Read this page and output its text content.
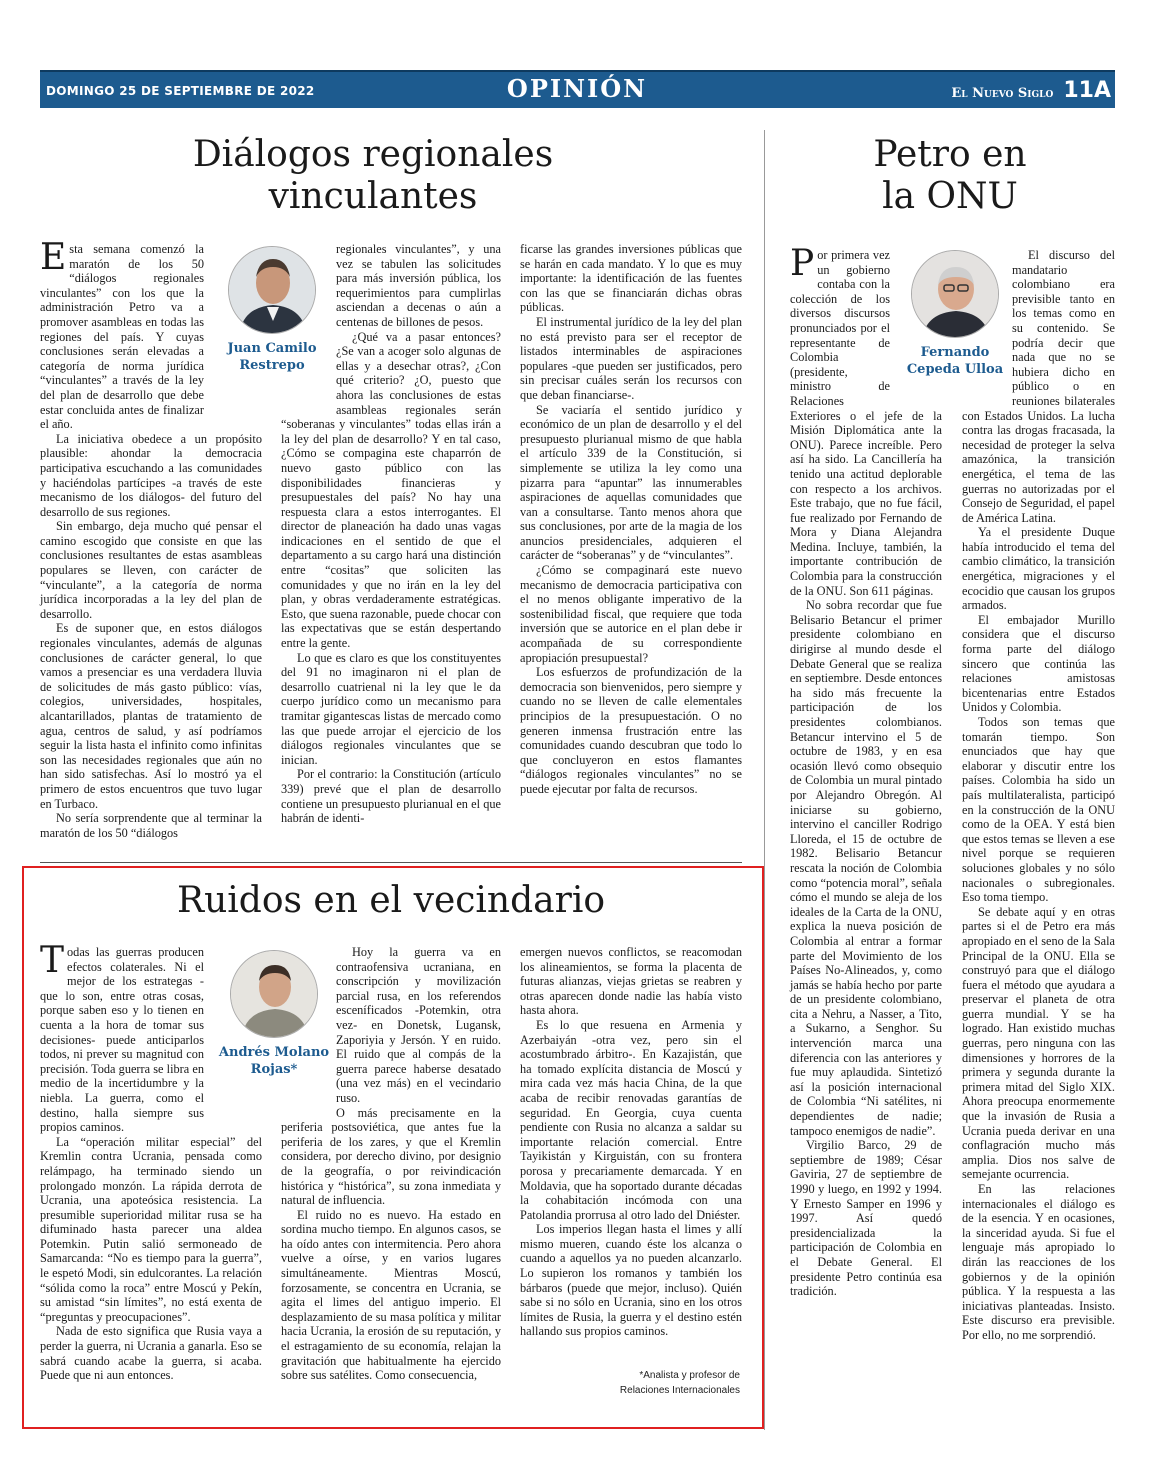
DOMINGO 25 DE SEPTIEMBRE DE 2022	OPINIÓN	El Nuevo Siglo 11A
Diálogos regionales
vinculantes
Juan Camilo
Restrepo

Esta semana comenzó la maratón de los 50 “diálogos regionales vinculantes” con los que la administración Petro va a promover asambleas en todas las regiones del país. Y cuyas conclusiones serán elevadas a categoría de norma jurídica “vinculantes” a través de la ley del plan de desarrollo que debe estar concluida antes de finalizar el año.

La iniciativa obedece a un propósito plausible: ahondar la democracia participativa escuchando a las comunidades y haciéndolas partícipes -a través de este mecanismo de los diálogos- del futuro del desarrollo de sus regiones.

Sin embargo, deja mucho qué pensar el camino escogido que consiste en que las conclusiones resultantes de estas asambleas populares se lleven, con carácter de “vinculante”, a la categoría de norma jurídica incorporadas a la ley del plan de desarrollo.

Es de suponer que, en estos diálogos regionales vinculantes, además de algunas conclusiones de carácter general, lo que vamos a presenciar es una verdadera lluvia de solicitudes de más gasto público: vías, colegios, universidades, hospitales, alcantarillados, plantas de tratamiento de agua, centros de salud, y así podríamos seguir la lista hasta el infinito como infinitas son las necesidades regionales que aún no han sido satisfechas. Así lo mostró ya el primero de estos encuentros que tuvo lugar en Turbaco.

No sería sorprendente que al terminar la maratón de los 50 “diálogos

regionales vinculantes”, y una vez se tabulen las solicitudes para más inversión pública, los requerimientos para cumplirlas asciendan a decenas o aún a centenas de billones de pesos.

¿Qué va a pasar entonces? ¿Se van a acoger solo algunas de ellas y a desechar otras?, ¿Con qué criterio? ¿O, puesto que ahora las conclusiones de estas asambleas regionales serán “soberanas y vinculantes” todas ellas irán a la ley del plan de desarrollo? Y en tal caso, ¿Cómo se compagina este chaparrón de nuevo gasto público con las disponibilidades financieras y presupuestales del país? No hay una respuesta clara a estos interrogantes. El director de planeación ha dado unas vagas indicaciones en el sentido de que el departamento a su cargo hará una distinción entre “cositas” que soliciten las comunidades y que no irán en la ley del plan, y obras verdaderamente estratégicas. Esto, que suena razonable, puede chocar con las expectativas que se están despertando entre la gente.

Lo que es claro es que los constituyentes del 91 no imaginaron ni el plan de desarrollo cuatrienal ni la ley que le da cuerpo jurídico como un mecanismo para tramitar gigantescas listas de mercado como las que puede arrojar el ejercicio de los diálogos regionales vinculantes que se inician.

Por el contrario: la Constitución (artículo 339) prevé que el plan de desarrollo contiene un presupuesto plurianual en el que habrán de identi-

ficarse las grandes inversiones públicas que se harán en cada mandato. Y lo que es muy importante: la identificación de las fuentes con las que se financiarán dichas obras públicas.

El instrumental jurídico de la ley del plan no está previsto para ser el receptor de listados interminables de aspiraciones populares -que pueden ser justificados, pero sin precisar cuáles serán los recursos con que deban financiarse-.

Se vaciaría el sentido jurídico y económico de un plan de desarrollo y el del presupuesto plurianual mismo de que habla el artículo 339 de la Constitución, si simplemente se utiliza la ley como una pizarra para “apuntar” las innumerables aspiraciones de aquellas comunidades que van a consultarse. Tanto menos ahora que sus conclusiones, por arte de la magia de los anuncios presidenciales, adquieren el carácter de “soberanas” y de “vinculantes”.

¿Cómo se compaginará este nuevo mecanismo de democracia participativa con el no menos obligante imperativo de la sostenibilidad fiscal, que requiere que toda inversión que se autorice en el plan debe ir acompañada de su correspondiente apropiación presupuestal?

Los esfuerzos de profundización de la democracia son bienvenidos, pero siempre y cuando no se lleven de calle elementales principios de la presupuestación. O no generen inmensa frustración entre las comunidades cuando descubran que todo lo que concluyeron en estos flamantes “diálogos regionales vinculantes” no se puede ejecutar por falta de recursos.

Ruidos en el vecindario
Andrés Molano
Rojas*

Todas las guerras producen efectos colaterales. Ni el mejor de los estrategas -que lo son, entre otras cosas, porque saben eso y lo tienen en cuenta a la hora de tomar sus decisiones- puede anticiparlos todos, ni prever su magnitud con precisión. Toda guerra se libra en medio de la incertidumbre y la niebla. La guerra, como el destino, halla siempre sus propios caminos.

La “operación militar especial” del Kremlin contra Ucrania, pensada como relámpago, ha terminado siendo un prolongado monzón. La rápida derrota de Ucrania, una apoteósica resistencia. La presumible superioridad militar rusa se ha difuminado hasta parecer una aldea Potemkin. Putin salió sermoneado de Samarcanda: “No es tiempo para la guerra”, le espetó Modi, sin edulcorantes. La relación “sólida como la roca” entre Moscú y Pekín, su amistad “sin límites”, no está exenta de “preguntas y preocupaciones”.

Nada de esto significa que Rusia vaya a perder la guerra, ni Ucrania a ganarla. Eso se sabrá cuando acabe la guerra, si acaba. Puede que ni aun entonces.

Hoy la guerra va en contraofensiva ucraniana, en conscripción y movilización parcial rusa, en los referendos esceníficados -Potemkin, otra vez- en Donetsk, Lugansk, Zaporiyia y Jersón. Y en ruido. El ruido que al compás de la guerra parece haberse desatado (una vez más) en el vecindario ruso.

O más precisamente en la periferia postsoviética, que antes fue la periferia de los zares, y que el Kremlin considera, por derecho divino, por designio de la geografía, o por reivindicación histórica y “histórica”, su zona inmediata y natural de influencia.

El ruido no es nuevo. Ha estado en sordina mucho tiempo. En algunos casos, se ha oído antes con intermitencia. Pero ahora vuelve a oírse, y en varios lugares simultáneamente. Mientras Moscú, forzosamente, se concentra en Ucrania, se agita el limes del antiguo imperio. El desplazamiento de su masa política y militar hacia Ucrania, la erosión de su reputación, y el estragamiento de su economía, relajan la gravitación que habitualmente ha ejercido sobre sus satélites. Como consecuencia,

emergen nuevos conflictos, se reacomodan los alineamientos, se forma la placenta de futuras alianzas, viejas grietas se reabren y otras aparecen donde nadie las había visto hasta ahora.

Es lo que resuena en Armenia y Azerbaiyán -otra vez, pero sin el acostumbrado árbitro-. En Kazajistán, que ha tomado explícita distancia de Moscú y mira cada vez más hacia China, de la que acaba de recibir renovadas garantías de seguridad. En Georgia, cuya cuenta pendiente con Rusia no alcanza a saldar su importante relación comercial. Entre Tayikistán y Kirguistán, con su frontera porosa y precariamente demarcada. Y en Moldavia, que ha soportado durante décadas la cohabitación incómoda con una Patolandia prorrusa al otro lado del Dniéster.

Los imperios llegan hasta el limes y allí mismo mueren, cuando éste los alcanza o cuando a aquellos ya no pueden alcanzarlo. Lo supieron los romanos y también los bárbaros (puede que mejor, incluso). Quién sabe si no sólo en Ucrania, sino en los otros límites de Rusia, la guerra y el destino estén hallando sus propios caminos.

*Analista y profesor de
Relaciones Internacionales
Petro en
la ONU
Fernando
Cepeda Ulloa

Por primera vez un gobierno contaba con la colección de los diversos discursos pronunciados por el representante de Colombia (presidente, ministro de Relaciones Exteriores o el jefe de la Misión Diplomática ante la ONU). Parece increíble. Pero así ha sido. La Cancillería ha tenido una actitud deplorable con respecto a los archivos. Este trabajo, que no fue fácil, fue realizado por Fernando de Mora y Diana Alejandra Medina. Incluye, también, la importante contribución de Colombia para la construcción de la ONU. Son 611 páginas.

No sobra recordar que fue Belisario Betancur el primer presidente colombiano en dirigirse al mundo desde el Debate General que se realiza en septiembre. Desde entonces ha sido más frecuente la participación de los presidentes colombianos. Betancur intervino el 5 de octubre de 1983, y en esa ocasión llevó como obsequio de Colombia un mural pintado por Alejandro Obregón. Al iniciarse su gobierno, intervino el canciller Rodrigo Lloreda, el 15 de octubre de 1982. Belisario Betancur rescata la noción de Colombia como “potencia moral”, señala cómo el mundo se aleja de los ideales de la Carta de la ONU, explica la nueva posición de Colombia al entrar a formar parte del Movimiento de los Países No-Alineados, y, como jamás se había hecho por parte de un presidente colombiano, cita a Nehru, a Nasser, a Tito, a Sukarno, a Senghor. Su intervención marca una diferencia con las anteriores y fue muy aplaudida. Sintetizó así la posición internacional de Colombia “Ni satélites, ni dependientes de nadie; tampoco enemigos de nadie”.

Virgilio Barco, 29 de septiembre de 1989; César Gaviria, 27 de septiembre de 1990 y luego, en 1992 y 1994. Y Ernesto Samper en 1996 y 1997. Así quedó presidencializada la participación de Colombia en el Debate General. El presidente Petro continúa esa tradición.

El discurso del mandatario colombiano era previsible tanto en los temas como en su contenido. Se podría decir que nada que no se hubiera dicho en público o en reuniones bilaterales con Estados Unidos. La lucha contra las drogas fracasada, la necesidad de proteger la selva amazónica, la transición energética, el tema de las guerras no autorizadas por el Consejo de Seguridad, el papel de América Latina.

Ya el presidente Duque había introducido el tema del cambio climático, la transición energética, migraciones y el ecocidio que causan los grupos armados.

El embajador Murillo considera que el discurso forma parte del diálogo sincero que continúa las relaciones amistosas bicentenarias entre Estados Unidos y Colombia.

Todos son temas que tomarán tiempo. Son enunciados que hay que elaborar y discutir entre los países. Colombia ha sido un país multilateralista, participó en la construcción de la ONU como de la OEA. Y está bien que estos temas se lleven a ese nivel porque se requieren soluciones globales y no sólo nacionales o subregionales. Eso toma tiempo.

Se debate aquí y en otras partes si el de Petro era más apropiado en el seno de la Sala Principal de la ONU. Ella se construyó para que el diálogo fuera el método que ayudara a preservar el planeta de otra guerra mundial. Y se ha logrado. Han existido muchas guerras, pero ninguna con las dimensiones y horrores de la primera y segunda durante la primera mitad del Siglo XIX. Ahora preocupa enormemente que la invasión de Rusia a Ucrania pueda derivar en una conflagración mucho más amplia. Dios nos salve de semejante ocurrencia.

En las relaciones internacionales el diálogo es de la esencia. Y en ocasiones, la sinceridad ayuda. Si fue el lenguaje más apropiado lo dirán las reacciones de los gobiernos y de la opinión pública. Y la respuesta a las iniciativas planteadas. Insisto. Este discurso era previsible. Por ello, no me sorprendió.
